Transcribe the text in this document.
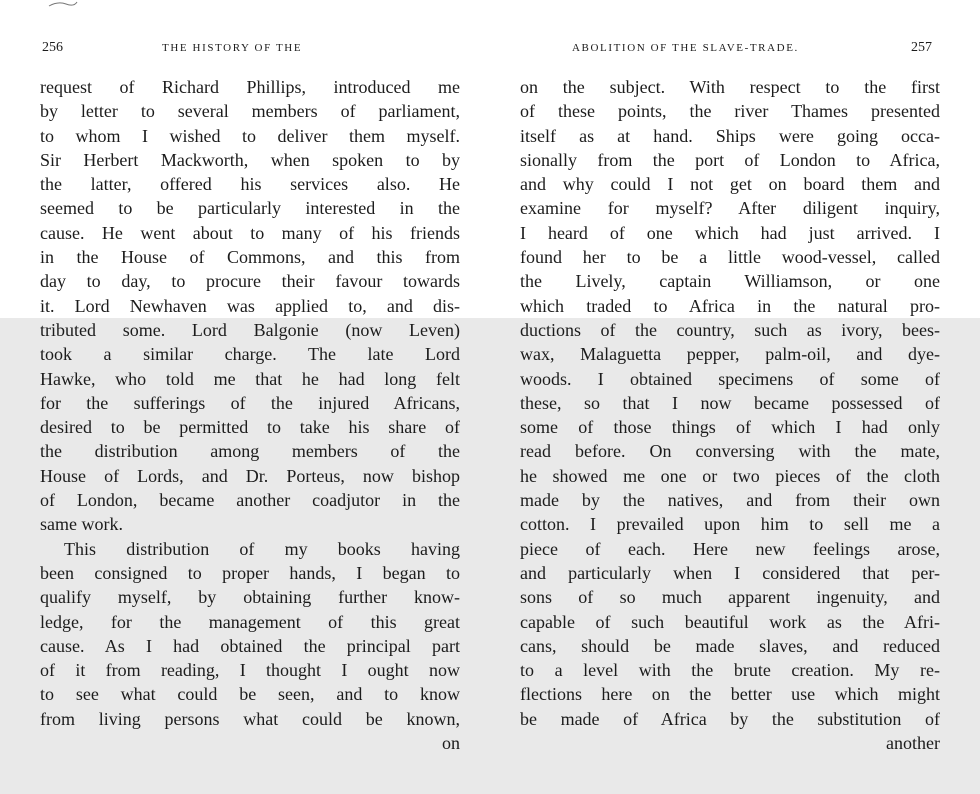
256	THE HISTORY OF THE
request of Richard Phillips, introduced me
by letter to several members of parliament,
to whom I wished to deliver them myself.
Sir Herbert Mackworth, when spoken to by
the latter, offered his services also. He
seemed to be particularly interested in the
cause. He went about to many of his friends
in the House of Commons, and this from
day to day, to procure their favour towards
it. Lord Newhaven was applied to, and dis-
tributed some. Lord Balgonie (now Leven)
took a similar charge. The late Lord
Hawke, who told me that he had long felt
for the sufferings of the injured Africans,
desired to be permitted to take his share of
the distribution among members of the
House of Lords, and Dr. Porteus, now bishop
of London, became another coadjutor in the
same work.
This distribution of my books having
been consigned to proper hands, I began to
qualify myself, by obtaining further know-
ledge, for the management of this great
cause. As I had obtained the principal part
of it from reading, I thought I ought now
to see what could be seen, and to know
from living persons what could be known,
on
ABOLITION OF THE SLAVE-TRADE.	257
on the subject. With respect to the first
of these points, the river Thames presented
itself as at hand. Ships were going occa-
sionally from the port of London to Africa,
and why could I not get on board them and
examine for myself? After diligent inquiry,
I heard of one which had just arrived. I
found her to be a little wood-vessel, called
the Lively, captain Williamson, or one
which traded to Africa in the natural pro-
ductions of the country, such as ivory, bees-
wax, Malaguetta pepper, palm-oil, and dye-
woods. I obtained specimens of some of
these, so that I now became possessed of
some of those things of which I had only
read before. On conversing with the mate,
he showed me one or two pieces of the cloth
made by the natives, and from their own
cotton. I prevailed upon him to sell me a
piece of each. Here new feelings arose,
and particularly when I considered that per-
sons of so much apparent ingenuity, and
capable of such beautiful work as the Afri-
cans, should be made slaves, and reduced
to a level with the brute creation. My re-
flections here on the better use which might
be made of Africa by the substitution of
another
